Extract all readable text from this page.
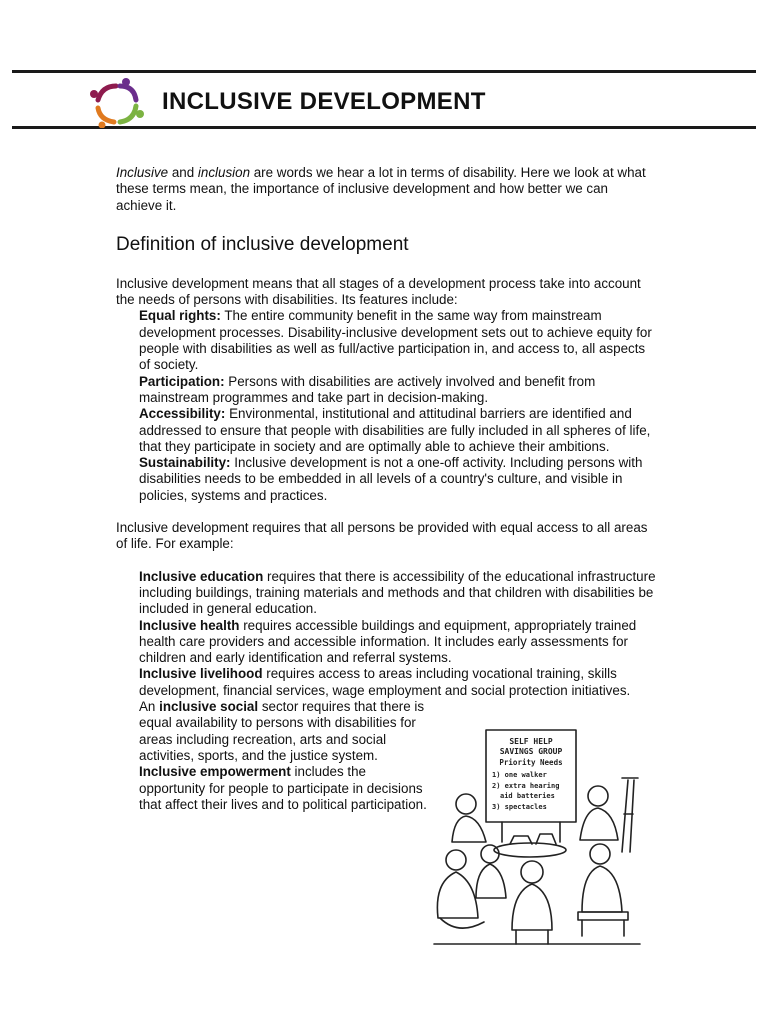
INCLUSIVE DEVELOPMENT

Inclusive and inclusion are words we hear a lot in terms of disability. Here we look at what these terms mean, the importance of inclusive development and how better we can achieve it.

Definition of inclusive development

Inclusive development means that all stages of a development process take into account the needs of persons with disabilities. Its features include:

Equal rights: The entire community benefit in the same way from mainstream development processes. Disability-inclusive development sets out to achieve equity for people with disabilities as well as full/active participation in, and access to, all aspects of society.

Participation: Persons with disabilities are actively involved and benefit from mainstream programmes and take part in decision-making.

Accessibility: Environmental, institutional and attitudinal barriers are identified and addressed to ensure that people with disabilities are fully included in all spheres of life, that they participate in society and are optimally able to achieve their ambitions.

Sustainability: Inclusive development is not a one-off activity. Including persons with disabilities needs to be embedded in all levels of a country's culture, and visible in policies, systems and practices.

Inclusive development requires that all persons be provided with equal access to all areas of life. For example:

Inclusive education requires that there is accessibility of the educational infrastructure including buildings, training materials and methods and that children with disabilities be included in general education.

Inclusive health requires accessible buildings and equipment, appropriately trained health care providers and accessible information. It includes early assessments for children and early identification and referral systems.

Inclusive livelihood requires access to areas including vocational training, skills development, financial services, wage employment and social protection initiatives.

An inclusive social sector requires that there is equal availability to persons with disabilities for areas including recreation, arts and social activities, sports, and the justice system.

Inclusive empowerment includes the opportunity for people to participate in decisions that affect their lives and to political participation.

SELF HELP
SAVINGS GROUP
Priority Needs
1) one walker
2) extra hearing
aid batteries
3) spectacles
